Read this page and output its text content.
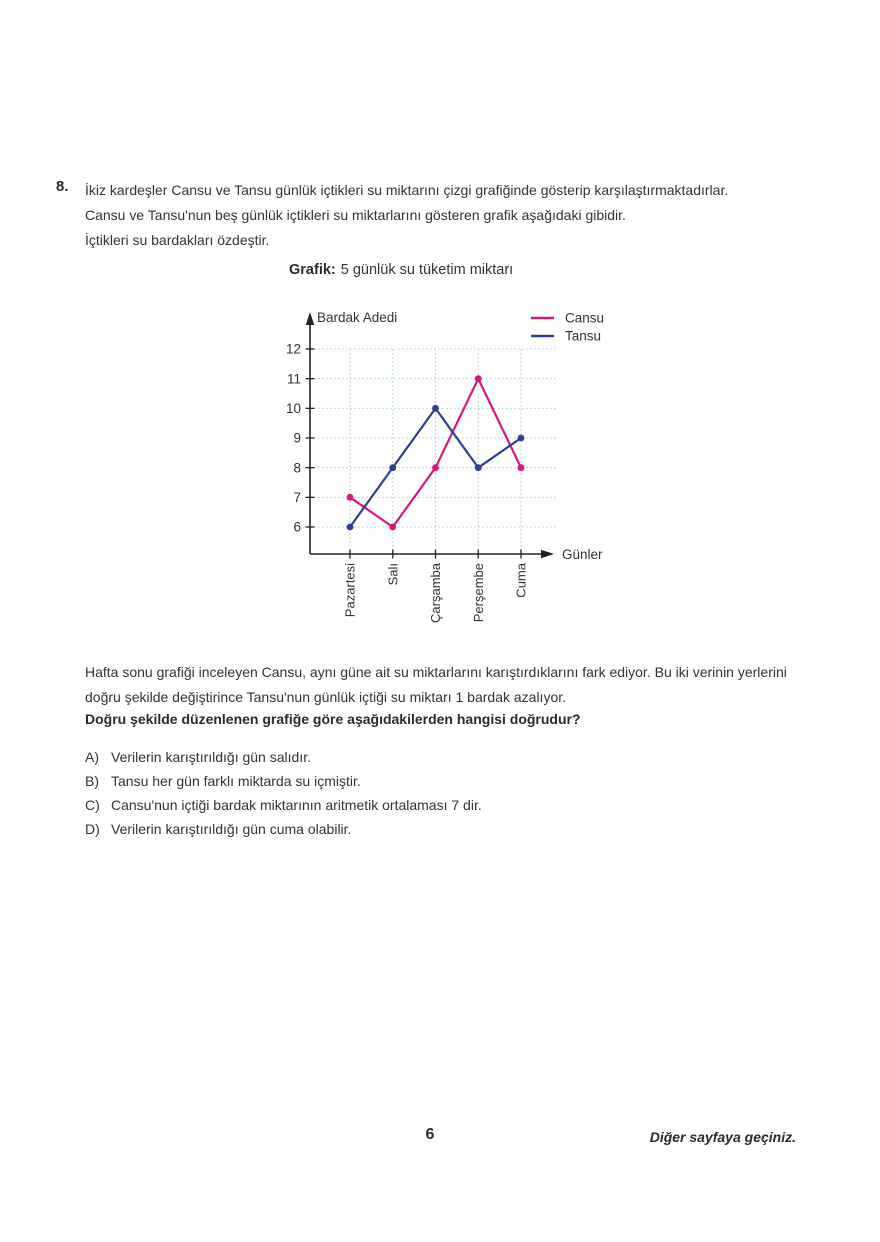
8. İkiz kardeşler Cansu ve Tansu günlük içtikleri su miktarını çizgi grafiğinde gösterip karşılaştırmaktadırlar.
Cansu ve Tansu'nun beş günlük içtikleri su miktarlarını gösteren grafik aşağıdaki gibidir.
İçtikleri su bardakları özdeştir.
Grafik: 5 günlük su tüketim miktarı
6
7
8
9
10
11
12
Pazartesi Salı Çarşamba Perşembe Cuma
Bardak Adedi
Günler
Cansu
Tansu
Hafta sonu grafiği inceleyen Cansu, aynı güne ait su miktarlarını karıştırdıklarını fark ediyor. Bu iki verinin yerlerini
doğru şekilde değiştirince Tansu'nun günlük içtiği su miktarı 1 bardak azalıyor.
Doğru şekilde düzenlenen grafiğe göre aşağıdakilerden hangisi doğrudur?
A) Verilerin karıştırıldığı gün salıdır.
B) Tansu her gün farklı miktarda su içmiştir.
C) Cansu'nun içtiği bardak miktarının aritmetik ortalaması 7 dir.
D) Verilerin karıştırıldığı gün cuma olabilir.
6	Diğer sayfaya geçiniz.
